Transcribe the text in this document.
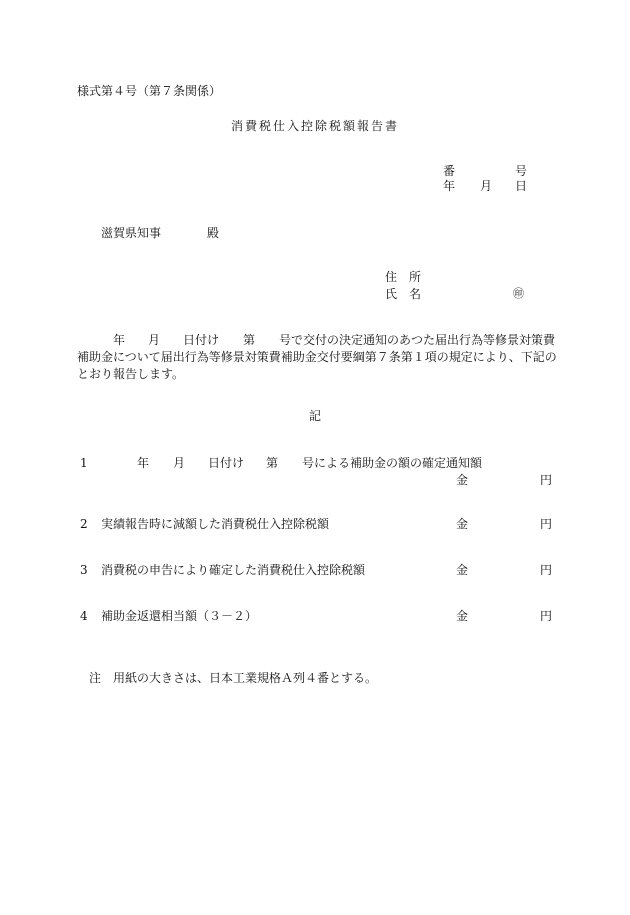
様式第４号（第７条関係）
消費税仕入控除税額報告書
番	号
年 月 日
滋賀県知事	殿
住　所
氏　名	㊞
年 月 日付け 第 号で交付の決定通知のあつた届出行為等修景対策費
補助金について届出行為等修景対策費補助金交付要綱第７条第１項の規定により、下記の
とおり報告します。
記
1	年 月 日付け 第 号による補助金の額の確定通知額
金	円
2 実績報告時に減額した消費税仕入控除税額	金	円
3 消費税の申告により確定した消費税仕入控除税額	金	円
4 補助金返還相当額（３－２）	金	円
注 用紙の大きさは、日本工業規格Ａ列４番とする。
